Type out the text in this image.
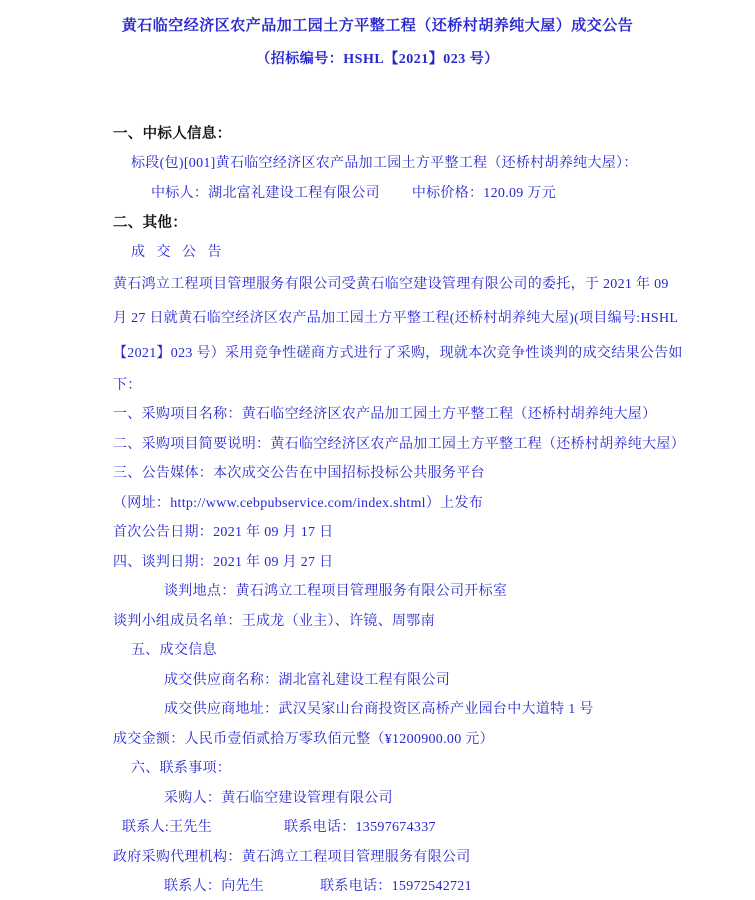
黄石临空经济区农产品加工园土方平整工程（还桥村胡养纯大屋）成交公告
（招标编号：HSHL【2021】023 号）
一、中标人信息：
标段(包)[001]黄石临空经济区农产品加工园土方平整工程（还桥村胡养纯大屋）：
中标人：湖北富礼建设工程有限公司 中标价格：120.09 万元
二、其他：
成 交 公 告
黄石鸿立工程项目管理服务有限公司受黄石临空建设管理有限公司的委托，于 2021 年 09
月 27 日就黄石临空经济区农产品加工园土方平整工程(还桥村胡养纯大屋)(项目编号:HSHL
【2021】023 号）采用竞争性磋商方式进行了采购，现就本次竞争性谈判的成交结果公告如
下：
一、采购项目名称：黄石临空经济区农产品加工园土方平整工程（还桥村胡养纯大屋）
二、采购项目简要说明：黄石临空经济区农产品加工园土方平整工程（还桥村胡养纯大屋）
三、公告媒体：本次成交公告在中国招标投标公共服务平台
（网址：http://www.cebpubservice.com/index.shtml）上发布
首次公告日期：2021 年 09 月 17 日
四、谈判日期：2021 年 09 月 27 日
谈判地点：黄石鸿立工程项目管理服务有限公司开标室
谈判小组成员名单：王成龙（业主）、许镜、周鄂南
五、成交信息
成交供应商名称：湖北富礼建设工程有限公司
成交供应商地址：武汉吴家山台商投资区高桥产业园台中大道特 1 号
成交金额：人民币壹佰贰拾万零玖佰元整（¥1200900.00 元）
六、联系事项：
采购人：黄石临空建设管理有限公司
联系人:王先生	联系电话：13597674337
政府采购代理机构：黄石鸿立工程项目管理服务有限公司
联系人：向先生	联系电话：15972542721
